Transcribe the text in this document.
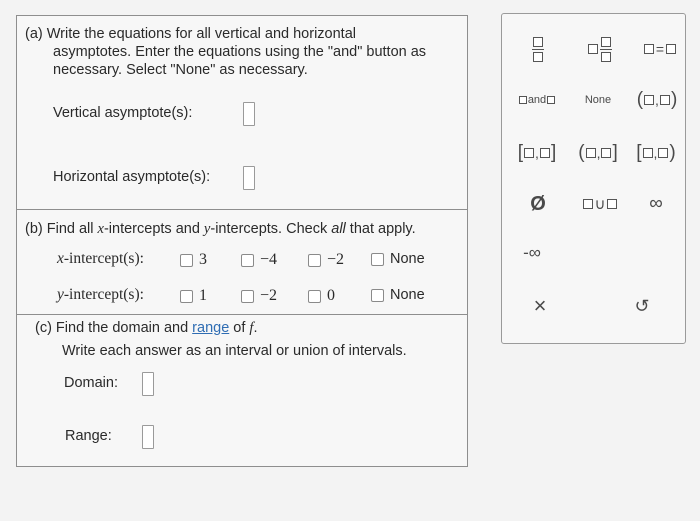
(a) Write the equations for all vertical and horizontal
asymptotes. Enter the equations using the "and" button as
necessary. Select "None" as necessary.
Vertical asymptote(s):
Horizontal asymptote(s):
(b) Find all x-intercepts and y-intercepts. Check all that apply.
x-intercept(s):	3	−4	−2	None
y-intercept(s):	1	−2	0	None
(c) Find the domain and range of f.
Write each answer as an interval or union of intervals.
Domain:
Range:
=
and	None	( , )
[ , ] ( , ] [ , )
Ø	∪	∞
-∞
×	↺
